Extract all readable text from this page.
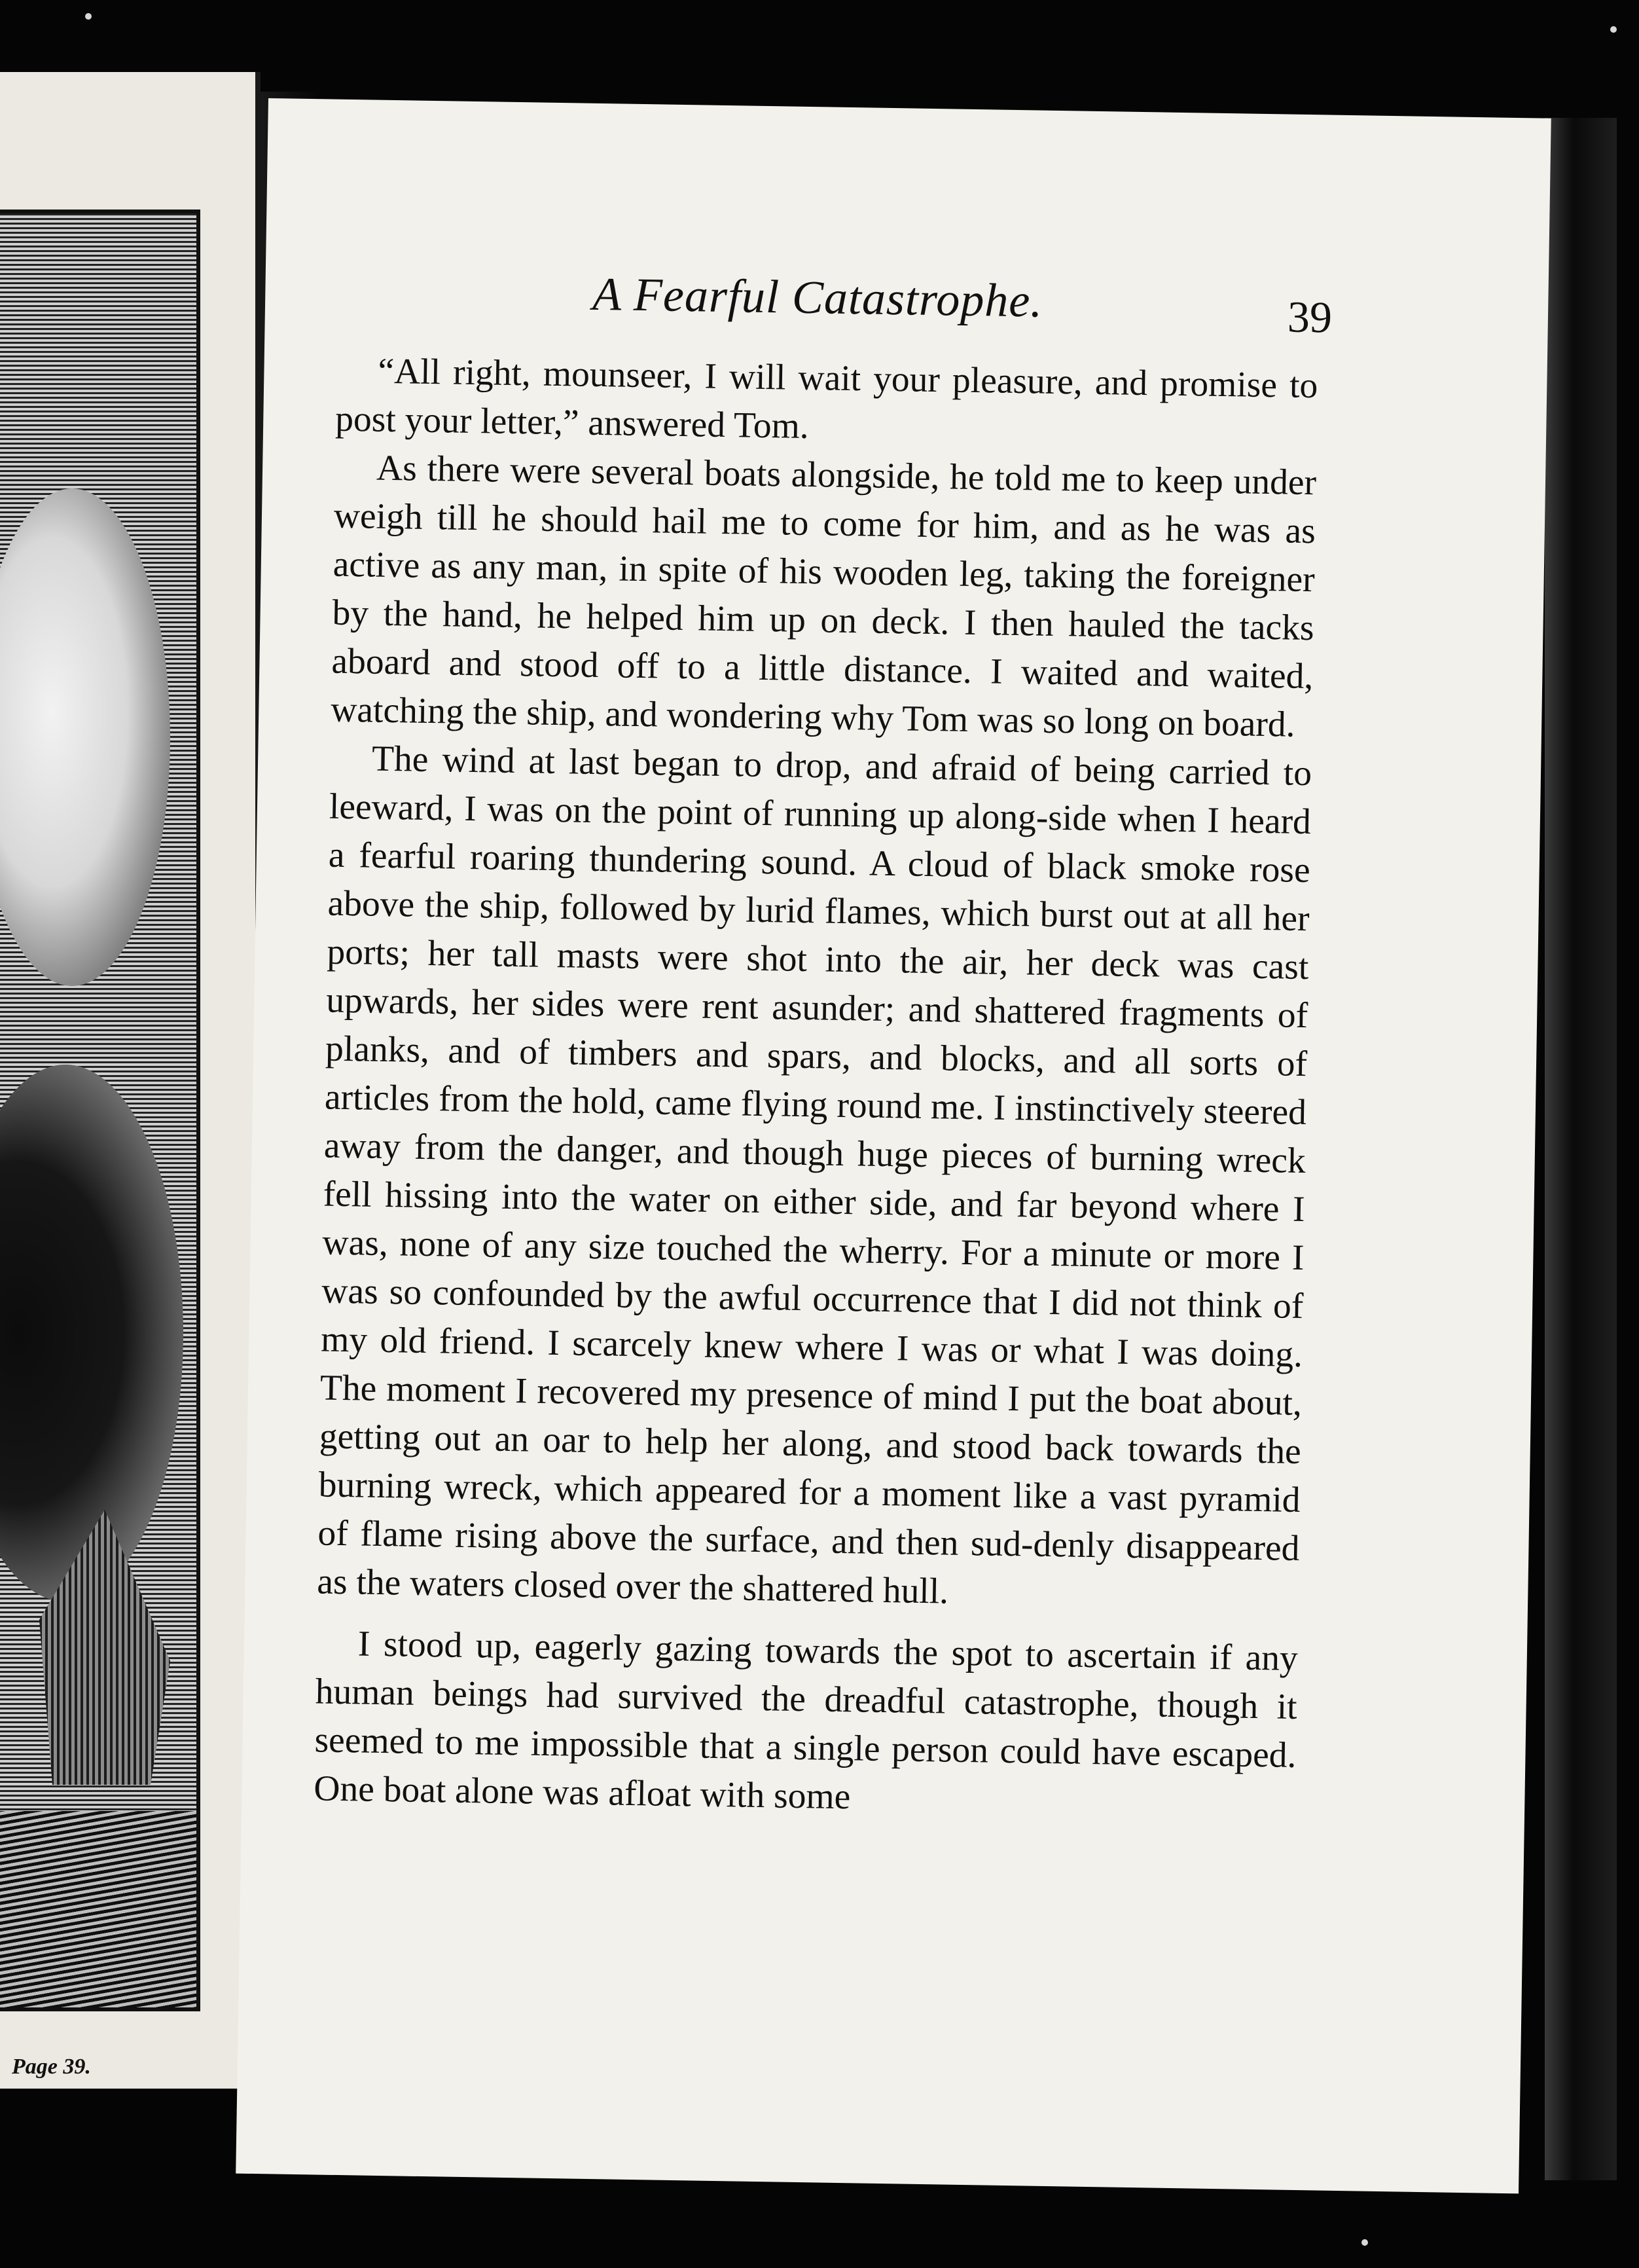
Page 39.
A Fearful Catastrophe.	39

“All right, mounseer, I will wait your pleasure, and promise to post your letter,” answered Tom.

As there were several boats alongside, he told me to keep under weigh till he should hail me to come for him, and as he was as active as any man, in spite of his wooden leg, taking the foreigner by the hand, he helped him up on deck. I then hauled the tacks aboard and stood off to a little distance. I waited and waited, watching the ship, and wondering why Tom was so long on board.

The wind at last began to drop, and afraid of being carried to leeward, I was on the point of running up along-side when I heard a fearful roaring thundering sound. A cloud of black smoke rose above the ship, followed by lurid flames, which burst out at all her ports; her tall masts were shot into the air, her deck was cast upwards, her sides were rent asunder; and shattered fragments of planks, and of timbers and spars, and blocks, and all sorts of articles from the hold, came flying round me. I instinctively steered away from the danger, and though huge pieces of burning wreck fell hissing into the water on either side, and far beyond where I was, none of any size touched the wherry. For a minute or more I was so confounded by the awful occurrence that I did not think of my old friend. I scarcely knew where I was or what I was doing. The moment I recovered my presence of mind I put the boat about, getting out an oar to help her along, and stood back towards the burning wreck, which appeared for a moment like a vast pyramid of flame rising above the surface, and then sud-denly disappeared as the waters closed over the shattered hull.

I stood up, eagerly gazing towards the spot to ascertain if any human beings had survived the dreadful catastrophe, though it seemed to me impossible that a single person could have escaped. One boat alone was afloat with some
